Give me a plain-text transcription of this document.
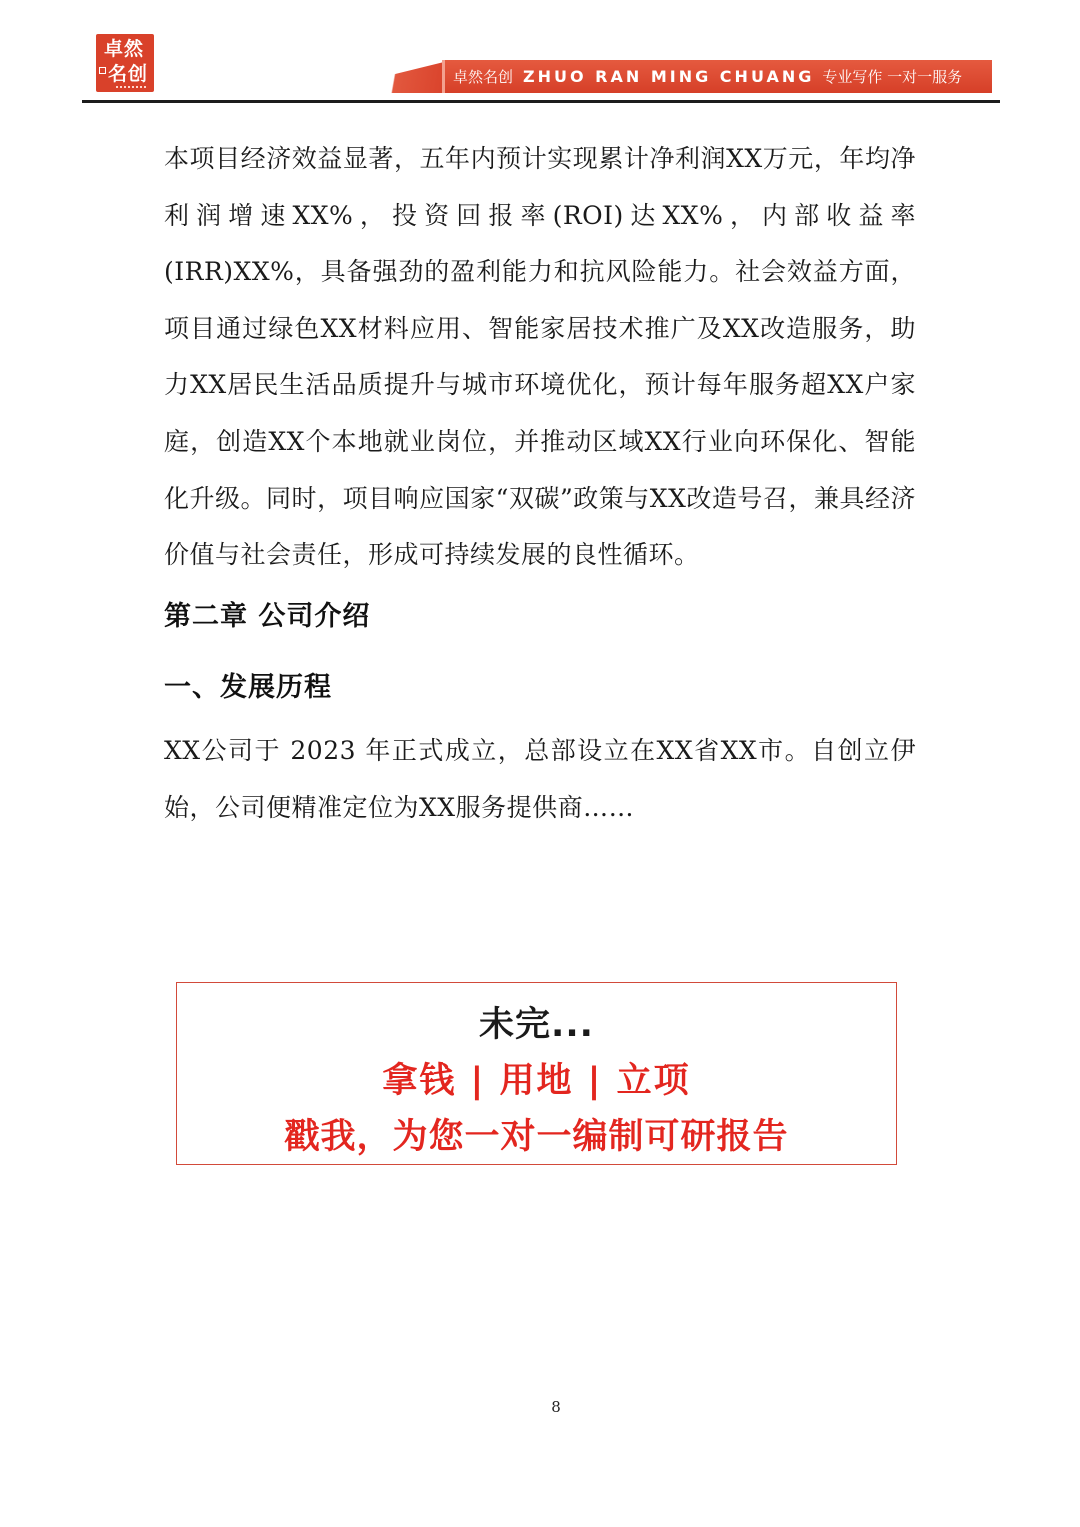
卓然
名创	卓然名创 ZHUO RAN MING CHUANG 专业写作 一对一服务

本项目经济效益显著，五年内预计实现累计净利润XX万元，年均净利润增速XX%，投资回报率(ROI)达XX%，内部收益率(IRR)XX%，具备强劲的盈利能力和抗风险能力。社会效益方面，项目通过绿色XX材料应用、智能家居技术推广及XX改造服务，助力XX居民生活品质提升与城市环境优化，预计每年服务超XX户家庭，创造XX个本地就业岗位，并推动区域XX行业向环保化、智能化升级。同时，项目响应国家“双碳”政策与XX改造号召，兼具经济价值与社会责任，形成可持续发展的良性循环。

第二章 公司介绍
一、发展历程

XX公司于 2023 年正式成立，总部设立在XX省XX市。自创立伊始，公司便精准定位为XX服务提供商……

未完...
拿钱 | 用地 | 立项
戳我，为您一对一编制可研报告
8
